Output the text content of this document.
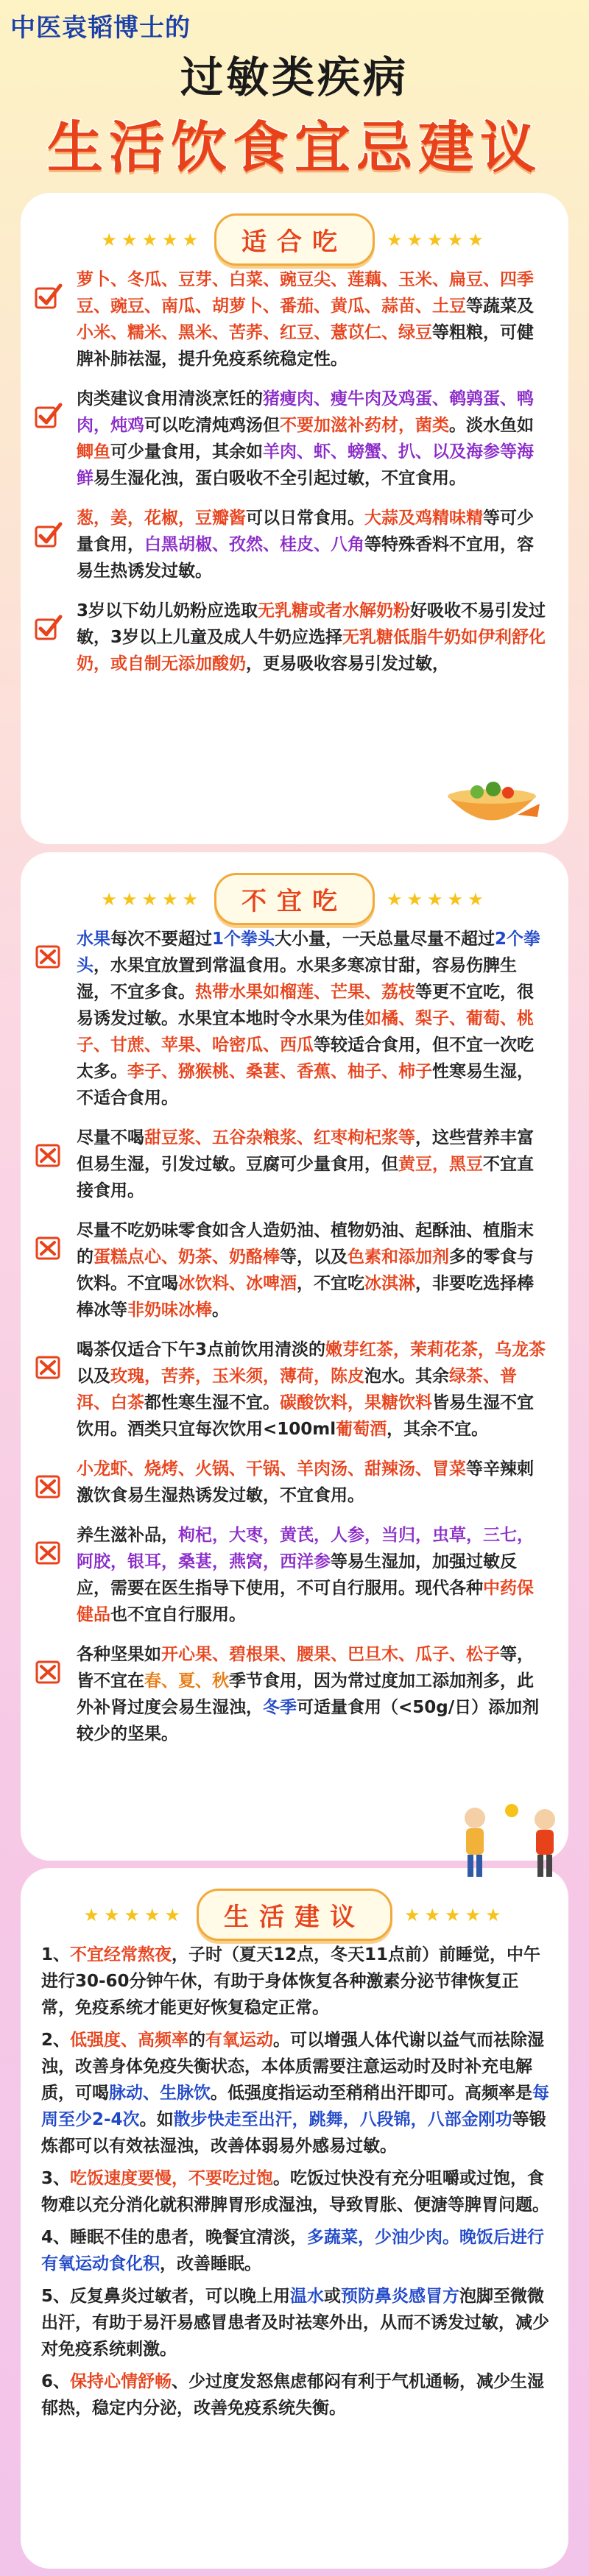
中医袁韬博士的
过敏类疾病
生活饮食宜忌建议
★★★★★ 适合吃 ★★★★★
萝卜、冬瓜、豆芽、白菜、豌豆尖、莲藕、玉米、扁豆、四季豆、豌豆、南瓜、胡萝卜、番茄、黄瓜、蒜苗、土豆等蔬菜及小米、糯米、黑米、苦荞、红豆、薏苡仁、绿豆等粗粮，可健脾补肺祛湿，提升免疫系统稳定性。
肉类建议食用清淡烹饪的猪瘦肉、瘦牛肉及鸡蛋、鹌鹑蛋、鸭肉，炖鸡可以吃清炖鸡汤但不要加滋补药材，菌类。淡水鱼如鲫鱼可少量食用，其余如羊肉、虾、螃蟹、扒、以及海参等海鲜易生湿化浊，蛋白吸收不全引起过敏，不宜食用。
葱，姜，花椒，豆瓣酱可以日常食用。大蒜及鸡精味精等可少量食用，白黑胡椒、孜然、桂皮、八角等特殊香料不宜用，容易生热诱发过敏。
3岁以下幼儿奶粉应选取无乳糖或者水解奶粉好吸收不易引发过敏，3岁以上儿童及成人牛奶应选择无乳糖低脂牛奶如伊利舒化奶，或自制无添加酸奶，更易吸收容易引发过敏，
★★★★★ 不宜吃 ★★★★★
水果每次不要超过1个拳头大小量，一天总量尽量不超过2个拳头，水果宜放置到常温食用。水果多寒凉甘甜，容易伤脾生湿，不宜多食。热带水果如榴莲、芒果、荔枝等更不宜吃，很易诱发过敏。水果宜本地时令水果为佳如橘、梨子、葡萄、桃子、甘蔗、苹果、哈密瓜、西瓜等较适合食用，但不宜一次吃太多。李子、猕猴桃、桑葚、香蕉、柚子、柿子性寒易生湿，不适合食用。
尽量不喝甜豆浆、五谷杂粮浆、红枣枸杞浆等，这些营养丰富但易生湿，引发过敏。豆腐可少量食用，但黄豆，黑豆不宜直接食用。
尽量不吃奶味零食如含人造奶油、植物奶油、起酥油、植脂末的蛋糕点心、奶茶、奶酪棒等，以及色素和添加剂多的零食与饮料。不宜喝冰饮料、冰啤酒，不宜吃冰淇淋，非要吃选择棒棒冰等非奶味冰棒。
喝茶仅适合下午3点前饮用清淡的嫩芽红茶，茉莉花茶，乌龙茶以及玫瑰，苦荞，玉米须，薄荷，陈皮泡水。其余绿茶、普洱、白茶都性寒生湿不宜。碳酸饮料，果糖饮料皆易生湿不宜饮用。酒类只宜每次饮用<100ml葡萄酒，其余不宜。
小龙虾、烧烤、火锅、干锅、羊肉汤、甜辣汤、冒菜等辛辣刺激饮食易生湿热诱发过敏，不宜食用。
养生滋补品，枸杞，大枣，黄芪，人参，当归，虫草，三七，阿胶，银耳，桑葚，燕窝，西洋参等易生湿加，加强过敏反应，需要在医生指导下使用，不可自行服用。现代各种中药保健品也不宜自行服用。
各种坚果如开心果、碧根果、腰果、巴旦木、瓜子、松子等，皆不宜在春、夏、秋季节食用，因为常过度加工添加剂多，此外补肾过度会易生湿浊，冬季可适量食用（<50g/日）添加剂较少的坚果。
★★★★★ 生活建议 ★★★★★
1、不宜经常熬夜，子时（夏天12点，冬天11点前）前睡觉，中午进行30-60分钟午休，有助于身体恢复各种激素分泌节律恢复正常，免疫系统才能更好恢复稳定正常。
2、低强度、高频率的有氧运动。可以增强人体代谢以益气而祛除湿浊，改善身体免疫失衡状态，本体质需要注意运动时及时补充电解质，可喝脉动、生脉饮。低强度指运动至稍稍出汗即可。高频率是每周至少2-4次。如散步快走至出汗，跳舞，八段锦，八部金刚功等锻炼都可以有效祛湿浊，改善体弱易外感易过敏。
3、吃饭速度要慢，不要吃过饱。吃饭过快没有充分咀嚼或过饱，食物难以充分消化就积滞脾胃形成湿浊，导致胃胀、便溏等脾胃问题。
4、睡眠不佳的患者，晚餐宜清淡，多蔬菜，少油少肉。晚饭后进行有氧运动食化积，改善睡眠。
5、反复鼻炎过敏者，可以晚上用温水或预防鼻炎感冒方泡脚至微微出汗，有助于易汗易感冒患者及时祛寒外出，从而不诱发过敏，减少对免疫系统刺激。
6、保持心情舒畅、少过度发怒焦虑郁闷有利于气机通畅，减少生湿郁热，稳定内分泌，改善免疫系统失衡。
